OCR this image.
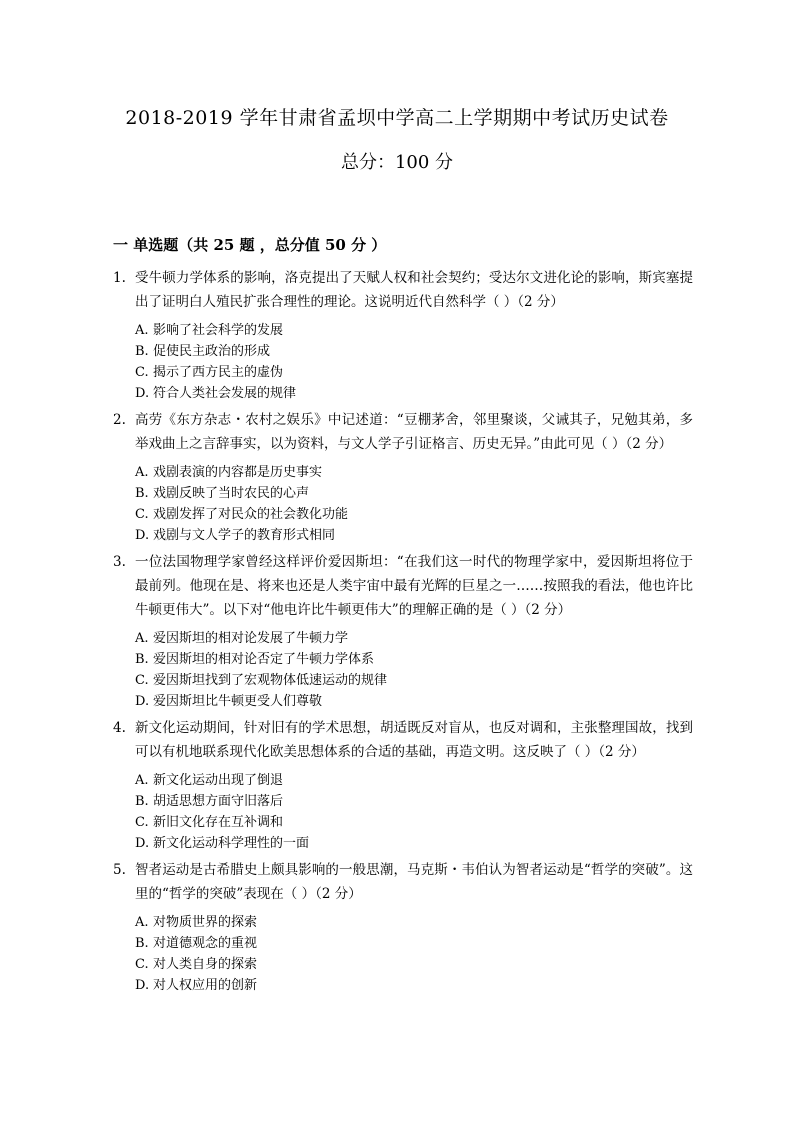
2018-2019 学年甘肃省孟坝中学高二上学期期中考试历史试卷
总分：100 分
一 单选题（共 25 题 ，总分值 50 分 ）
1. 受牛顿力学体系的影响，洛克提出了天赋人权和社会契约；受达尔文进化论的影响，斯宾塞提出了证明白人殖民扩张合理性的理论。这说明近代自然科学（ ）（2 分）
A. 影响了社会科学的发展
B. 促使民主政治的形成
C. 揭示了西方民主的虚伪
D. 符合人类社会发展的规律
2. 高劳《东方杂志・农村之娱乐》中记述道：“豆棚茅舍，邻里聚谈，父诫其子，兄勉其弟，多举戏曲上之言辞事实，以为资料，与文人学子引证格言、历史无异。”由此可见（ ）（2 分）
A. 戏剧表演的内容都是历史事实
B. 戏剧反映了当时农民的心声
C. 戏剧发挥了对民众的社会教化功能
D. 戏剧与文人学子的教育形式相同
3. 一位法国物理学家曾经这样评价爱因斯坦：“在我们这一时代的物理学家中，爱因斯坦将位于最前列。他现在是、将来也还是人类宇宙中最有光辉的巨星之一……按照我的看法，他也许比牛顿更伟大”。以下对“他电许比牛顿更伟大”的理解正确的是（ ）（2 分）
A. 爱因斯坦的相对论发展了牛顿力学
B. 爱因斯坦的相对论否定了牛顿力学体系
C. 爱因斯坦找到了宏观物体低速运动的规律
D. 爱因斯坦比牛顿更受人们尊敬
4. 新文化运动期间，针对旧有的学术思想，胡适既反对盲从，也反对调和，主张整理国故，找到可以有机地联系现代化欧美思想体系的合适的基础，再造文明。这反映了（ ）（2 分）
A. 新文化运动出现了倒退
B. 胡适思想方面守旧落后
C. 新旧文化存在互补调和
D. 新文化运动科学理性的一面
5. 智者运动是古希腊史上颇具影响的一般思潮，马克斯・韦伯认为智者运动是“哲学的突破”。这里的“哲学的突破”表现在（ ）（2 分）
A. 对物质世界的探索
B. 对道德观念的重视
C. 对人类自身的探索
D. 对人权应用的创新
